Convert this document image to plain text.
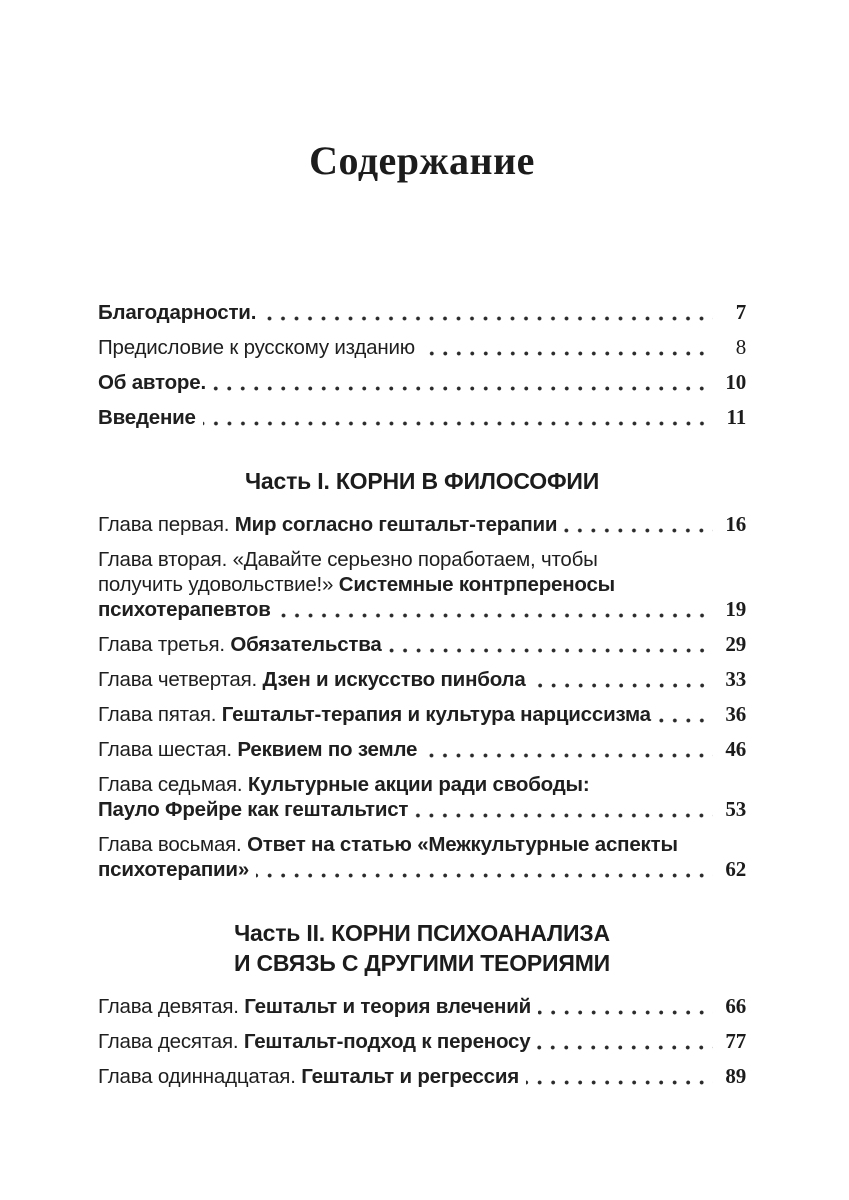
Содержание
Благодарности.	7
Предисловие к русскому изданию	8
Об авторе.	10
Введение	11
Часть I. КОРНИ В ФИЛОСОФИИ
Глава первая. Мир согласно гештальт-терапии	16
Глава вторая. «Давайте серьезно поработаем, чтобы
получить удовольствие!» Системные контрпереносы
психотерапевтов	19
Глава третья. Обязательства	29
Глава четвертая. Дзен и искусство пинбола	33
Глава пятая. Гештальт-терапия и культура нарциссизма	36
Глава шестая. Реквием по земле	46
Глава седьмая. Культурные акции ради свободы:
Пауло Фрейре как гештальтист	53
Глава восьмая. Ответ на статью «Межкультурные аспекты
психотерапии»	62
Часть II. КОРНИ ПСИХОАНАЛИЗА
И СВЯЗЬ С ДРУГИМИ ТЕОРИЯМИ
Глава девятая. Гештальт и теория влечений	66
Глава десятая. Гештальт-подход к переносу	77
Глава одиннадцатая. Гештальт и регрессия	89
